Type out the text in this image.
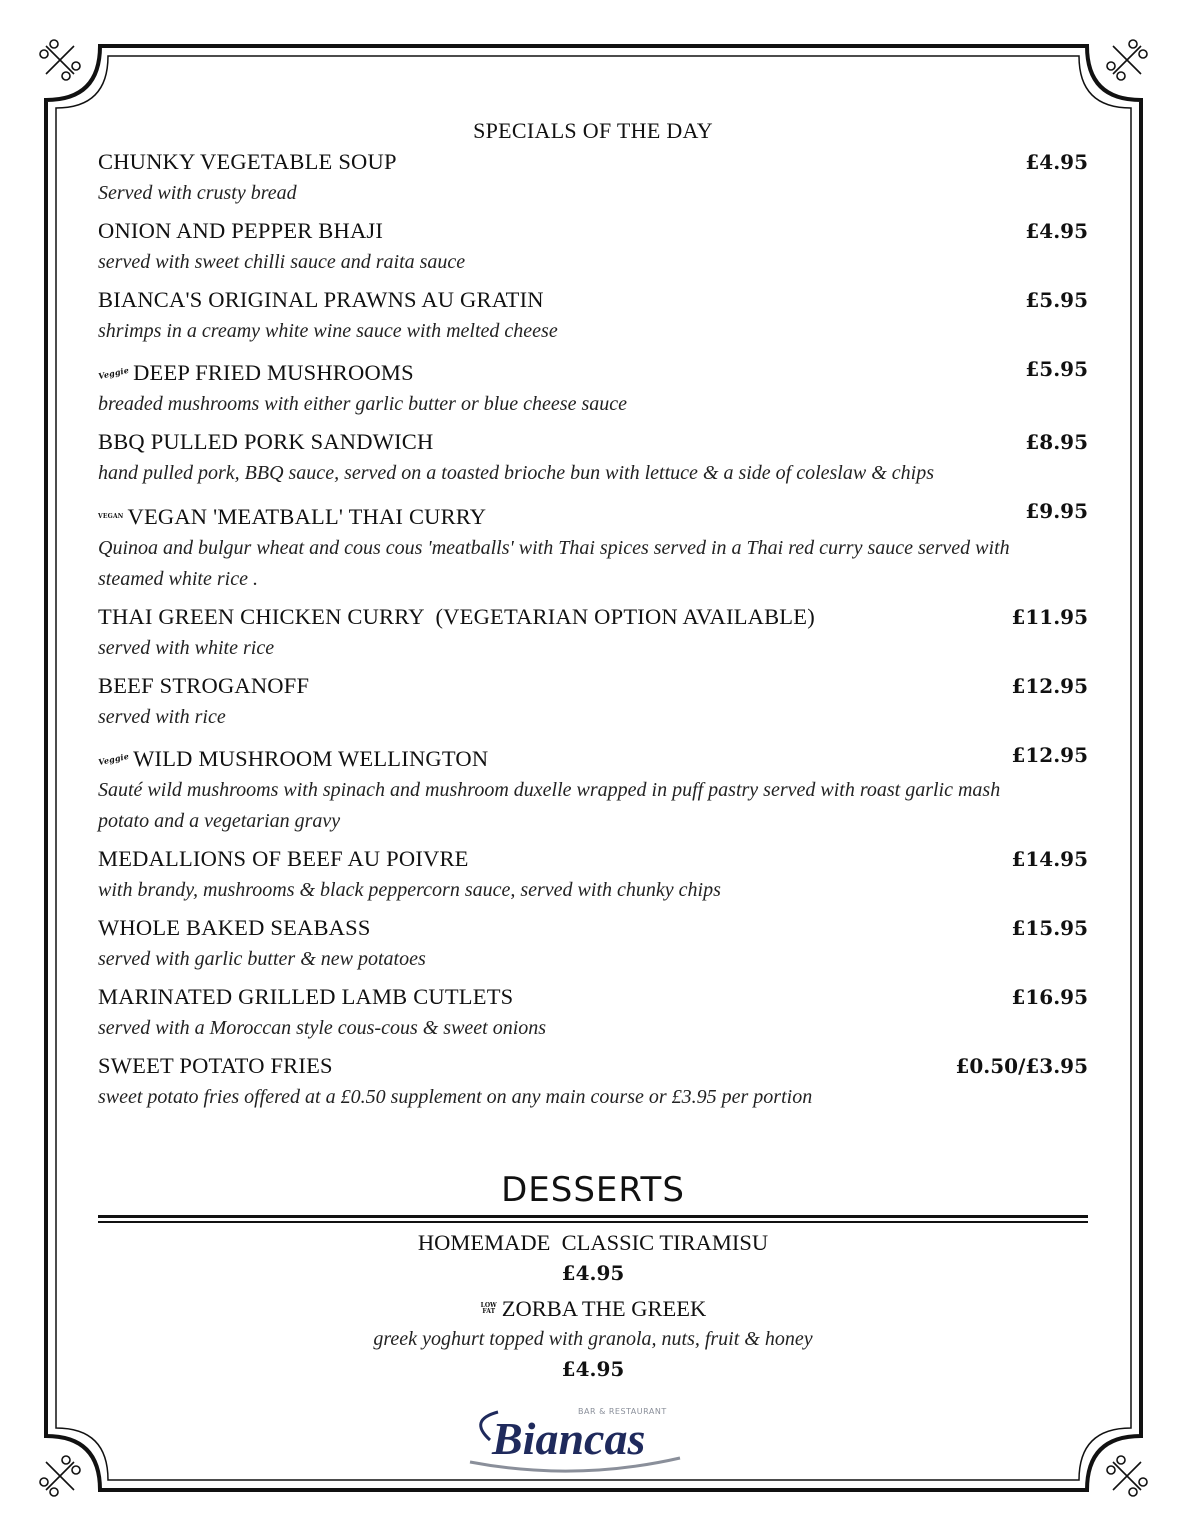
SPECIALS OF THE DAY
CHUNKY VEGETABLE SOUP	£4.95
Served with crusty bread
ONION AND PEPPER BHAJI	£4.95
served with sweet chilli sauce and raita sauce
BIANCA'S ORIGINAL PRAWNS AU GRATIN	£5.95
shrimps in a creamy white wine sauce with melted cheese
Veggie DEEP FRIED MUSHROOMS	£5.95
breaded mushrooms with either garlic butter or blue cheese sauce
BBQ PULLED PORK SANDWICH	£8.95
hand pulled pork, BBQ sauce, served on a toasted brioche bun with lettuce & a side of coleslaw & chips
VEGAN VEGAN 'MEATBALL' THAI CURRY	£9.95
Quinoa and bulgur wheat and cous cous 'meatballs' with Thai spices served in a Thai red curry sauce served with steamed white rice .
THAI GREEN CHICKEN CURRY  (VEGETARIAN OPTION AVAILABLE)	£11.95
served with white rice
BEEF STROGANOFF	£12.95
served with rice
Veggie WILD MUSHROOM WELLINGTON	£12.95
Sauté wild mushrooms with spinach and mushroom duxelle wrapped in puff pastry served with roast garlic mash potato and a vegetarian gravy
MEDALLIONS OF BEEF AU POIVRE	£14.95
with brandy, mushrooms & black peppercorn sauce, served with chunky chips
WHOLE BAKED SEABASS	£15.95
served with garlic butter & new potatoes
MARINATED GRILLED LAMB CUTLETS	£16.95
served with a Moroccan style cous-cous & sweet onions
SWEET POTATO FRIES	£0.50/£3.95
sweet potato fries offered at a £0.50 supplement on any main course or £3.95 per portion
DESSERTS
HOMEMADE  CLASSIC TIRAMISU
£4.95
LOW FAT ZORBA THE GREEK
greek yoghurt topped with granola, nuts, fruit & honey
£4.95
Biancas
BAR & RESTAURANT
